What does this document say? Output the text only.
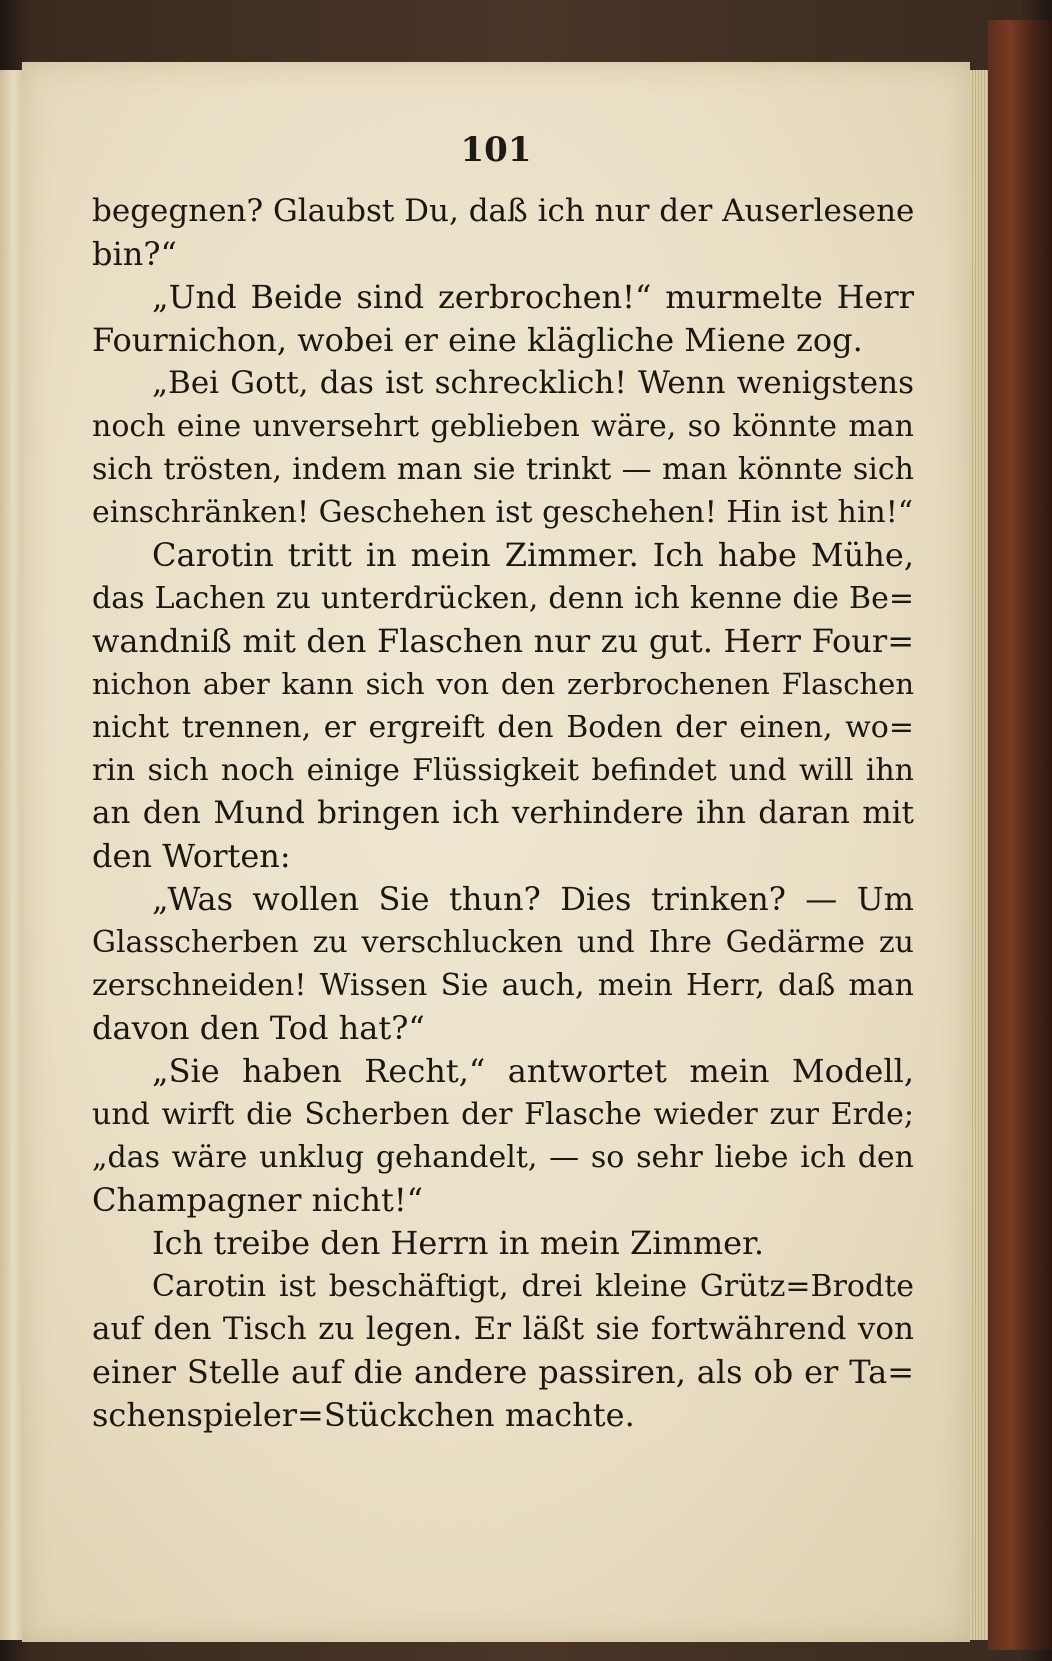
101
begegnen? Glaubst Du, daß ich nur der Auserlesene
bin?“
„Und Beide sind zerbrochen!“ murmelte Herr
Fournichon, wobei er eine klägliche Miene zog.
„Bei Gott, das ist schrecklich! Wenn wenigstens
noch eine unversehrt geblieben wäre, so könnte man
sich trösten, indem man sie trinkt — man könnte sich
einschränken! Geschehen ist geschehen! Hin ist hin!“
Carotin tritt in mein Zimmer. Ich habe Mühe,
das Lachen zu unterdrücken, denn ich kenne die Be=
wandniß mit den Flaschen nur zu gut. Herr Four=
nichon aber kann sich von den zerbrochenen Flaschen
nicht trennen, er ergreift den Boden der einen, wo=
rin sich noch einige Flüssigkeit befindet und will ihn
an den Mund bringen ich verhindere ihn daran mit
den Worten:
„Was wollen Sie thun? Dies trinken? — Um
Glasscherben zu verschlucken und Ihre Gedärme zu
zerschneiden! Wissen Sie auch, mein Herr, daß man
davon den Tod hat?“
„Sie haben Recht,“ antwortet mein Modell,
und wirft die Scherben der Flasche wieder zur Erde;
„das wäre unklug gehandelt, — so sehr liebe ich den
Champagner nicht!“
Ich treibe den Herrn in mein Zimmer.
Carotin ist beschäftigt, drei kleine Grütz=Brodte
auf den Tisch zu legen. Er läßt sie fortwährend von
einer Stelle auf die andere passiren, als ob er Ta=
schenspieler=Stückchen machte.
